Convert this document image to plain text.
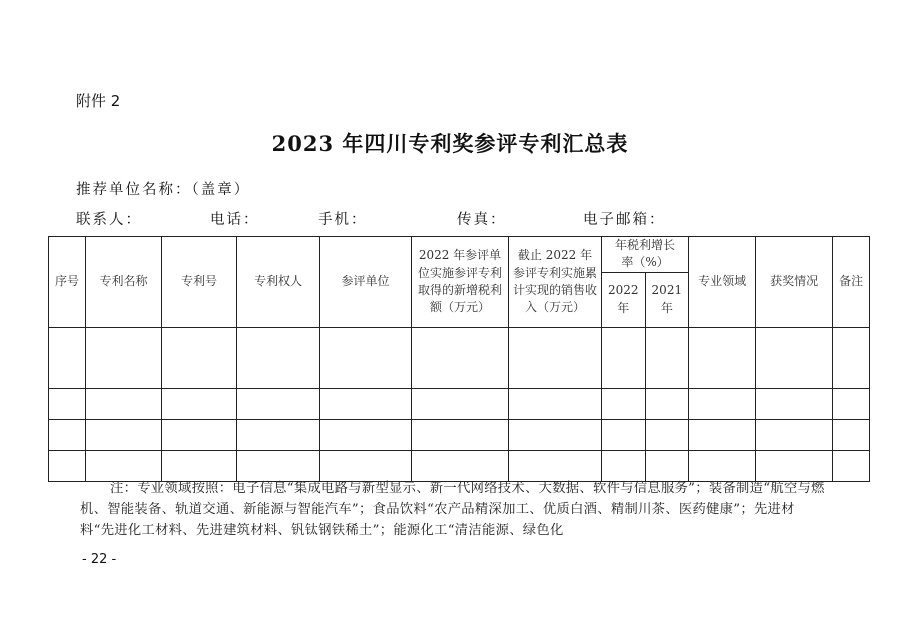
附件 2
2023 年四川专利奖参评专利汇总表
推荐单位名称：（盖章）
联系人：	电话：	手机：	传真：	电子邮箱：
序号	专利名称	专利号	专利权人	参评单位	2022 年参评单位实施参评专利取得的新增税利额（万元）	截止 2022 年参评专利实施累计实现的销售收入（万元）	年税利增长率（%）		专业领域	获奖情况	备注
							2022 年	2021 年			

注：专业领域按照：电子信息“集成电路与新型显示、新一代网络技术、大数据、软件与信息服务”；装备制造“航空与燃机、智能装备、轨道交通、新能源与智能汽车”；食品饮料“农产品精深加工、优质白酒、精制川茶、医药健康”；先进材料“先进化工材料、先进建筑材料、钒钛钢铁稀土”；能源化工“清洁能源、绿色化
- 22 -
